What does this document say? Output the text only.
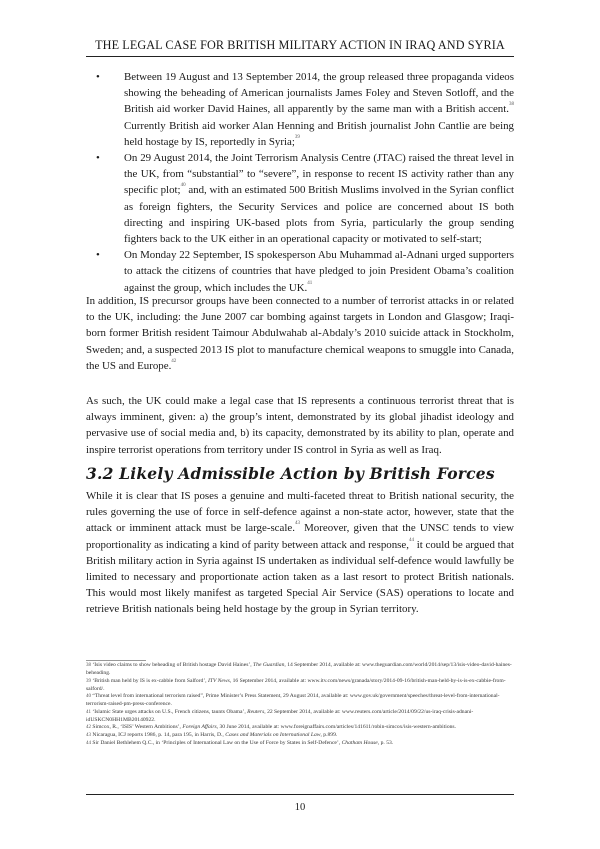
THE LEGAL CASE FOR BRITISH MILITARY ACTION IN IRAQ AND SYRIA
• Between 19 August and 13 September 2014, the group released three propaganda videos showing the beheading of American journalists James Foley and Steven Sotloff, and the British aid worker David Haines, all apparently by the same man with a British accent.$^{38}$ Currently British aid worker Alan Henning and British journalist John Cantlie are being held hostage by IS, reportedly in Syria;$^{39}$
• On 29 August 2014, the Joint Terrorism Analysis Centre (JTAC) raised the threat level in the UK, from “substantial” to “severe”, in response to recent IS activity rather than any specific plot;$^{40}$ and, with an estimated 500 British Muslims involved in the Syrian conflict as foreign fighters, the Security Services and police are concerned about IS both directing and inspiring UK-based plots from Syria, particularly the group sending fighters back to the UK either in an operational capacity or motivated to self-start;
• On Monday 22 September, IS spokesperson Abu Muhammad al-Adnani urged supporters to attack the citizens of countries that have pledged to join President Obama’s coalition against the group, which includes the UK.$^{41}$
In addition, IS precursor groups have been connected to a number of terrorist attacks in or related to the UK, including: the June 2007 car bombing against targets in London and Glasgow; Iraqi-born former British resident Taimour Abdulwahab al-Abdaly’s 2010 suicide attack in Stockholm, Sweden; and, a suspected 2013 IS plot to manufacture chemical weapons to smuggle into Canada, the US and Europe.$^{42}$
As such, the UK could make a legal case that IS represents a continuous terrorist threat that is always imminent, given: a) the group’s intent, demonstrated by its global jihadist ideology and pervasive use of social media and, b) its capacity, demonstrated by its ability to plan, operate and inspire terrorist operations from territory under IS control in Syria as well as Iraq.
3.2 Likely Admissible Action by British Forces
While it is clear that IS poses a genuine and multi-faceted threat to British national security, the rules governing the use of force in self-defence against a non-state actor, however, state that the attack or imminent attack must be large-scale.$^{43}$ Moreover, given that the UNSC tends to view proportionality as indicating a kind of parity between attack and response,$^{44}$ it could be argued that British military action in Syria against IS undertaken as individual self-defence would lawfully be limited to necessary and proportionate action taken as a last resort to protect British nationals. This would most likely manifest as targeted Special Air Service (SAS) operations to locate and retrieve British nationals being held hostage by the group in Syrian territory.

$^{38}$ ‘Isis video claims to show beheading of British hostage David Haines’, The Guardian, 14 September 2014, available at: www.theguardian.com/world/2014/sep/13/isis-video-david-haines-beheading.

$^{39}$ ‘British man held by IS is ex-cabbie from Salford’, ITV News, 16 September 2014, available at: www.itv.com/news/granada/story/2014-09-16/british-man-held-by-is-is-ex-cabbie-from-salford/.

$^{40}$ “Threat level from international terrorism raised”, Prime Minister’s Press Statement, 29 August 2014, available at: www.gov.uk/government/speeches/threat-level-from-international-terrorism-raised-pm-press-conference.

$^{41}$ ‘Islamic State urges attacks on U.S., French citizens, taunts Obama’, Reuters, 22 September 2014, available at: www.reuters.com/article/2014/09/22/us-iraq-crisis-adnani-idUSKCN0HH1MB20140922.

$^{42}$ Simcox, R., ‘ISIS’ Western Ambitions’, Foreign Affairs, 30 June 2014, available at: www.foreignaffairs.com/articles/141611/robin-simcox/isis-western-ambitions.

$^{43}$ Nicaragua, ICJ reports 1986, p. 14, para 195, in Harris, D., Cases and Materials on International Law, p.899.

$^{44}$ Sir Daniel Bethlehem Q.C., in ‘Principles of International Law on the Use of Force by States in Self-Defence’, Chatham House, p. 53.

10
